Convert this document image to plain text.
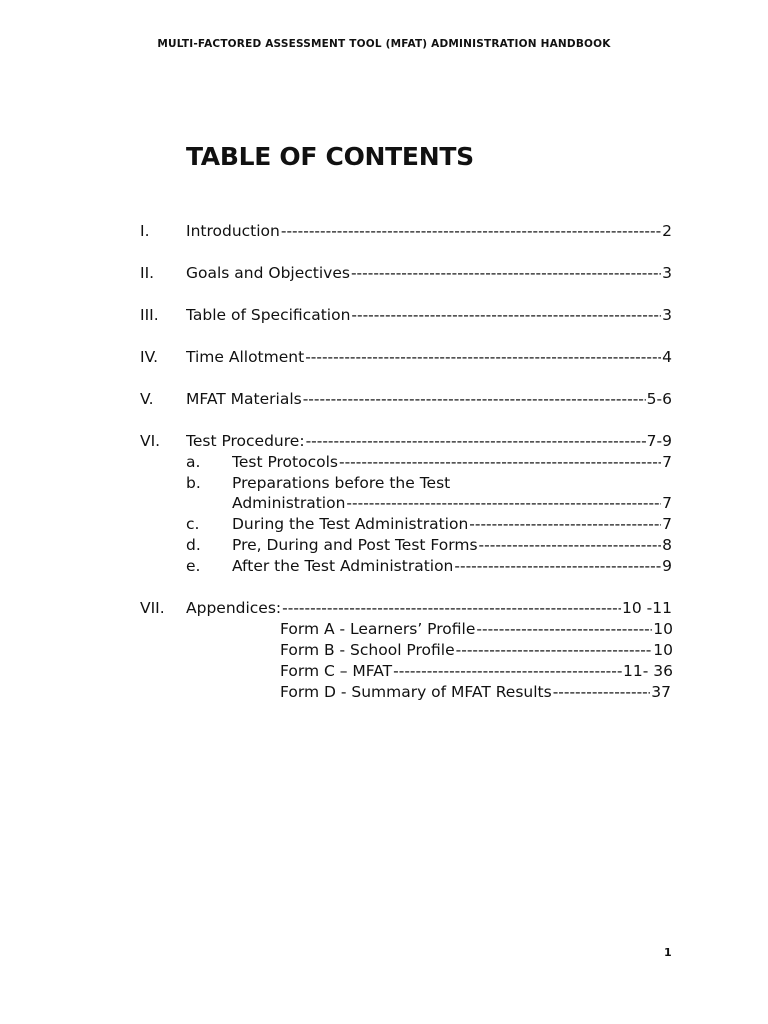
MULTI-FACTORED ASSESSMENT TOOL (MFAT) ADMINISTRATION HANDBOOK
TABLE OF CONTENTS
I. Introduction -----	2
II. Goals and Objectives -----	3
III. Table of Specification -----	3
IV. Time Allotment -----	4
V. MFAT Materials -----	5-6
VI. Test Procedure: -----	7-9
a. Test Protocols -----	7
b. Preparations before the Test
Administration -----	7
c. During the Test Administration -----	7
d. Pre, During and Post Test Forms -----	8
e. After the Test Administration -----	9
VII. Appendices: -----	10 -11
Form A - Learners’ Profile -----	10
Form B - School Profile -----	10
Form C – MFAT -----	11- 36
Form D - Summary of MFAT Results -----	37
1
